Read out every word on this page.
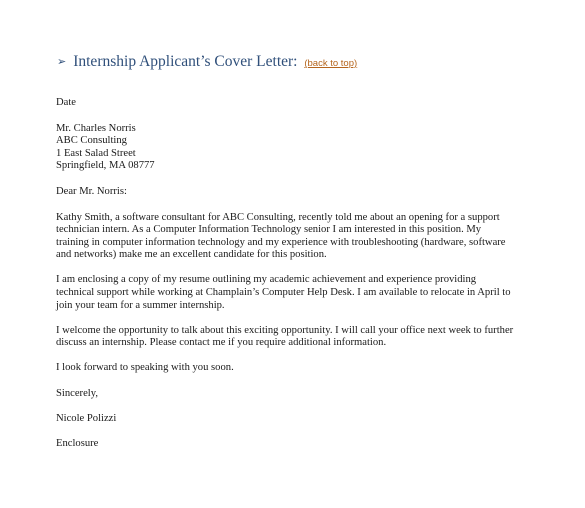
➢ Internship Applicant’s Cover Letter: (back to top)

Date

Mr. Charles Norris
ABC Consulting
1 East Salad Street
Springfield, MA 08777

Dear Mr. Norris:

Kathy Smith, a software consultant for ABC Consulting, recently told me about an opening for a support
technician intern. As a Computer Information Technology senior I am interested in this position. My
training in computer information technology and my experience with troubleshooting (hardware, software
and networks) make me an excellent candidate for this position.

I am enclosing a copy of my resume outlining my academic achievement and experience providing
technical support while working at Champlain’s Computer Help Desk. I am available to relocate in April to
join your team for a summer internship.

I welcome the opportunity to talk about this exciting opportunity. I will call your office next week to further
discuss an internship. Please contact me if you require additional information.

I look forward to speaking with you soon.

Sincerely,

Nicole Polizzi

Enclosure
